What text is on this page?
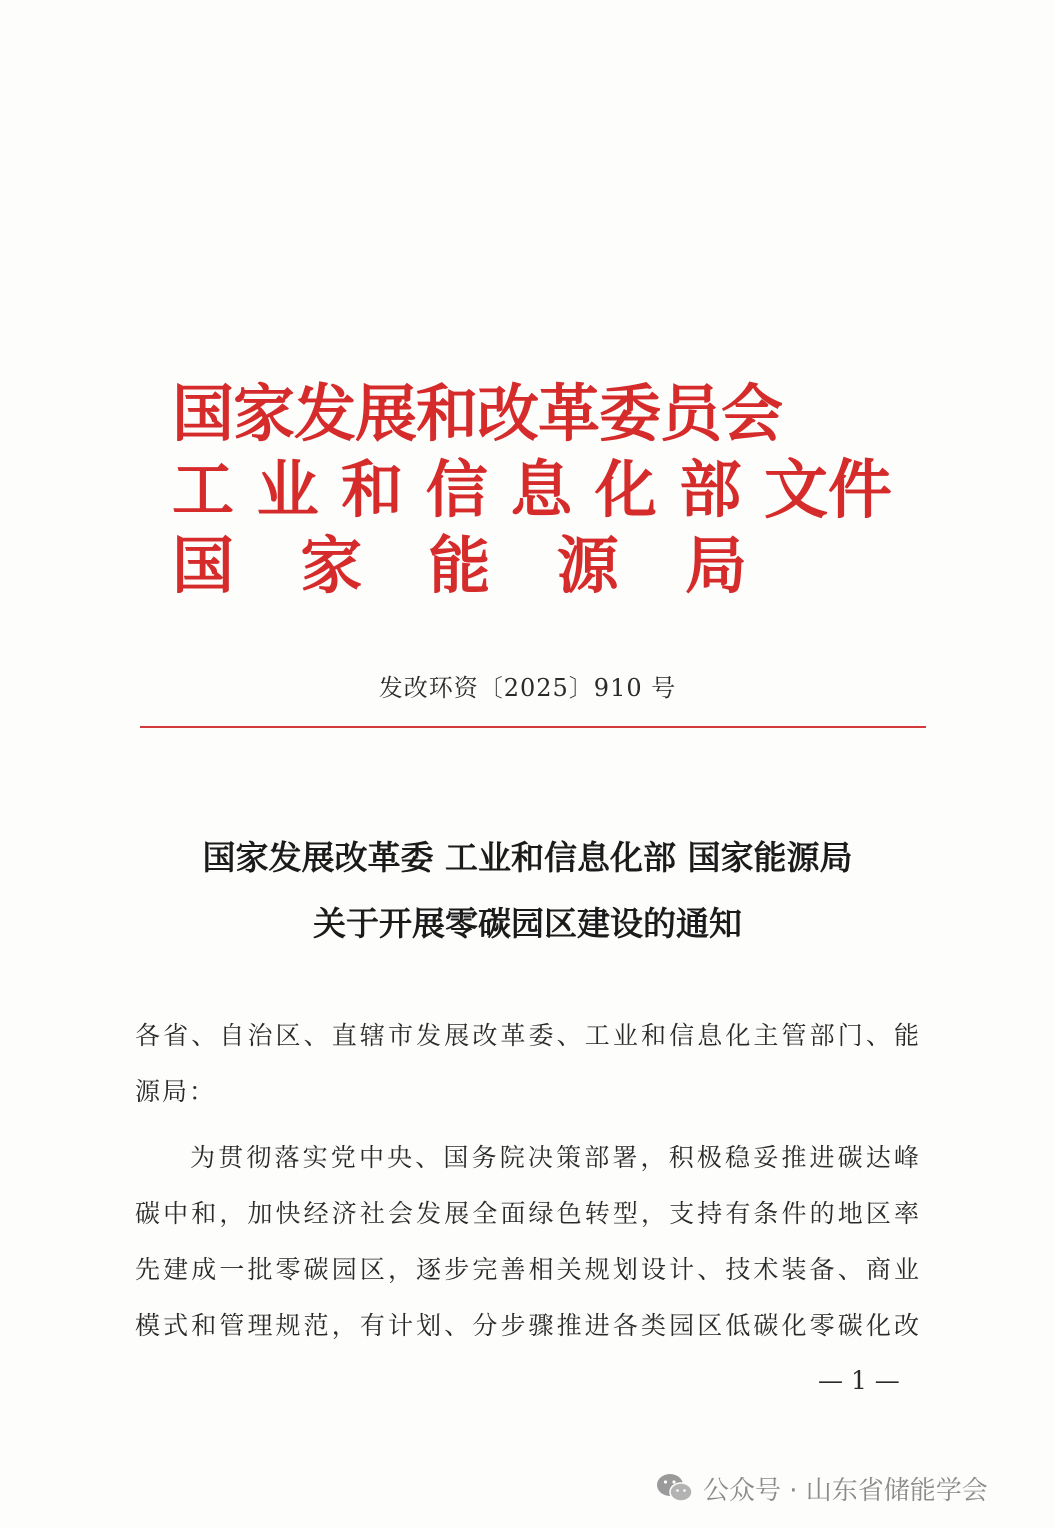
国家发展和改革委员会
工 业 和 信 息 化 部 文件
国 家 能 源 局
发改环资〔2025〕910 号
国家发展改革委 工业和信息化部 国家能源局
关于开展零碳园区建设的通知
各省、自治区、直辖市发展改革委、工业和信息化主管部门、能
源局：
为贯彻落实党中央、国务院决策部署，积极稳妥推进碳达峰
碳中和，加快经济社会发展全面绿色转型，支持有条件的地区率
先建成一批零碳园区，逐步完善相关规划设计、技术装备、商业
模式和管理规范，有计划、分步骤推进各类园区低碳化零碳化改
— 1 —
公众号 · 山东省储能学会
